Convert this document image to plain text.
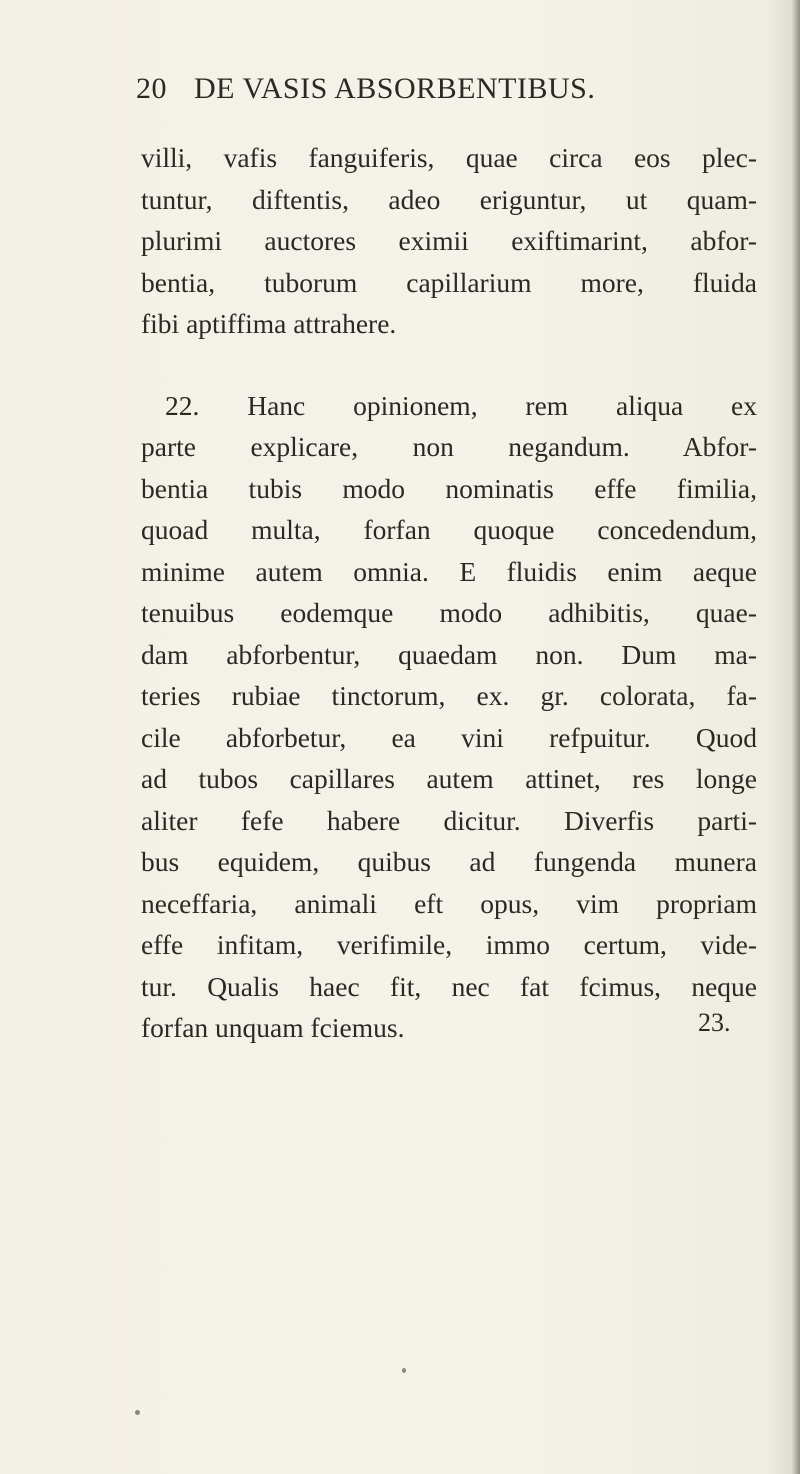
20 DE VASIS ABSORBENTIBUS.
villi, vafis fanguiferis, quae circa eos plec-
tuntur, diftentis, adeo eriguntur, ut quam-
plurimi auctores eximii exiftimarint, abfor-
bentia, tuborum capillarium more, fluida
fibi aptiffima attrahere.
22. Hanc opinionem, rem aliqua ex
parte explicare, non negandum. Abfor-
bentia tubis modo nominatis effe fimilia,
quoad multa, forfan quoque concedendum,
minime autem omnia. E fluidis enim aeque
tenuibus eodemque modo adhibitis, quae-
dam abforbentur, quaedam non. Dum ma-
teries rubiae tinctorum, ex. gr. colorata, fa-
cile abforbetur, ea vini refpuitur. Quod
ad tubos capillares autem attinet, res longe
aliter fefe habere dicitur. Diverfis parti-
bus equidem, quibus ad fungenda munera
neceffaria, animali eft opus, vim propriam
effe infitam, verifimile, immo certum, vide-
tur. Qualis haec fit, nec fat fcimus, neque
forfan unquam fciemus.	23.
